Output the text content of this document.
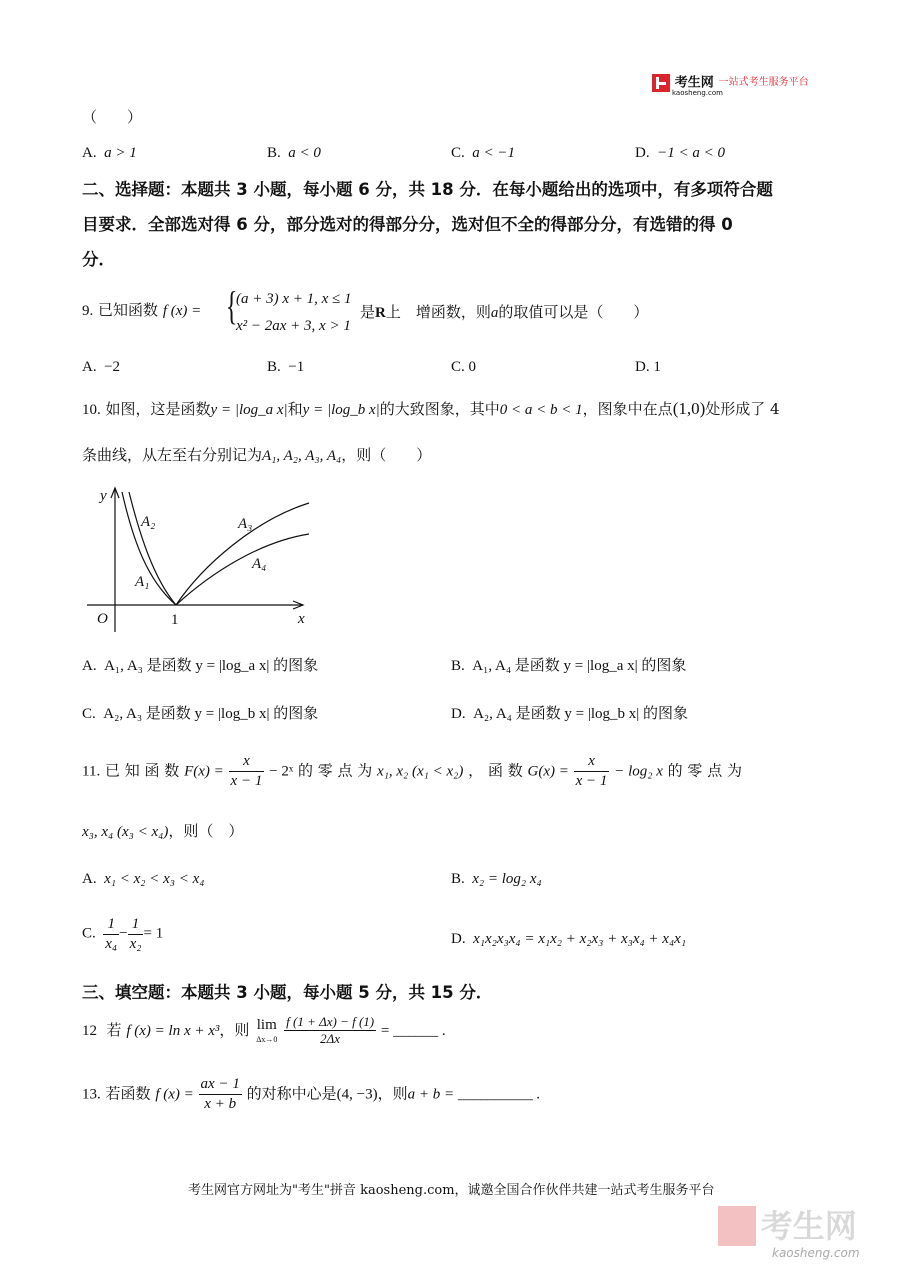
考生网 一站式考生服务平台
kaosheng.com
（　　）
A. a > 1	B. a < 0	C. a < −1	D. −1 < a < 0
二、选择题：本题共 3 小题，每小题 6 分，共 18 分．在每小题给出的选项中，有多项符合题
目要求．全部选对得 6 分，部分选对的得部分分，选对但不全的得部分分，有选错的得 0
分．
9. 已知函数 f (x) = {
(a + 3) x + 1, x ≤ 1
x² − 2ax + 3, x > 1
是R上　增函数，则a的取值可以是（　　）
A. −2	B. −1	C. 0	D. 1
10. 如图，这是函数y = |log_a x|和y = |log_b x|的大致图象，其中0 < a < b < 1，图象中在点(1,0)处形成了 4
条曲线，从左至右分别记为A₁, A₂, A₃, A₄，则（　　）
y
x
O
A₂
A₁
A₃
A₄
1
A. A₁, A₃ 是函数 y = |log_a x| 的图象	B. A₁, A₄ 是函数 y = |log_a x| 的图象
C. A₂, A₃ 是函数 y = |log_b x| 的图象	D. A₂, A₄ 是函数 y = |log_b x| 的图象
11. 已 知 函 数 $F(x) = \frac{x}{x - 1}$ − 2ˣ 的 零 点 为 x₁, x₂ (x₁ < x₂) ， 函 数 $G(x) = \frac{x}{x - 1} - \log_2$ x 的 零 点 为
x₃, x₄ (x₃ < x₄)，则（　）
A. x₁ < x₂ < x₃ < x₄	B. x₂ = log₂ x₄
C. $\frac{1}{\text{x₄}} - \frac{1}{\text{x₂}} = 1$	D. x₁x₂x₃x₄ = x₁x₂ + x₂x₃ + x₃x₄ + x₄x₁
三、填空题：本题共 3 小题，每小题 5 分，共 15 分．
12 若 f (x) = ln x + x³，则 lim
Δx→0
$\frac{f (1 + \Delta x) - f (1)}{2\Delta x}$ = ______ .
13. 若函数 f $(x) = \frac{ax - 1}{x + b}$ 的对称中心是(4, −3)，则a + b = __________ .
考生网官方网址为"考生"拼音 kaosheng.com，诚邀全国合作伙伴共建一站式考生服务平台
考生网
kaosheng.com
